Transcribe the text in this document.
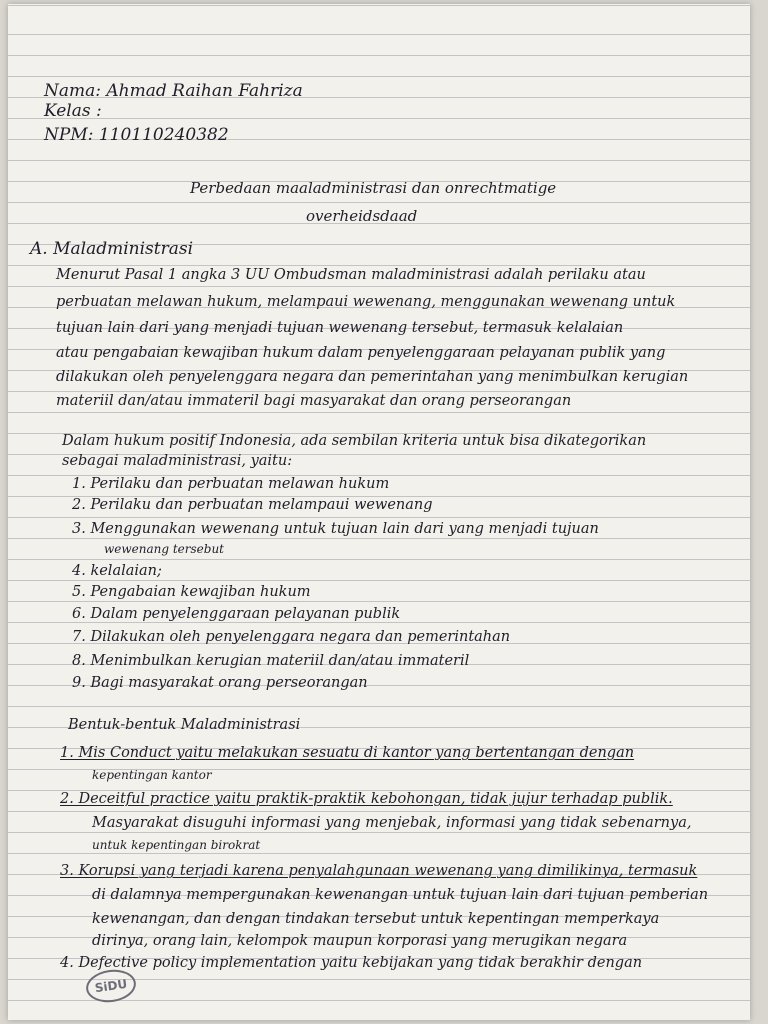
Nama: Ahmad Raihan Fahriza
Kelas :
NPM: 110110240382
Perbedaan maaladministrasi dan onrechtmatige
overheidsdaad
A. Maladministrasi
Menurut Pasal 1 angka 3 UU Ombudsman maladministrasi adalah perilaku atau
perbuatan melawan hukum, melampaui wewenang, menggunakan wewenang untuk
tujuan lain dari yang menjadi tujuan wewenang tersebut, termasuk kelalaian
atau pengabaian kewajiban hukum dalam penyelenggaraan pelayanan publik yang
dilakukan oleh penyelenggara negara dan pemerintahan yang menimbulkan kerugian
materiil dan/atau immateril bagi masyarakat dan orang perseorangan
Dalam hukum positif Indonesia, ada sembilan kriteria untuk bisa dikategorikan
sebagai maladministrasi, yaitu:
1. Perilaku dan perbuatan melawan hukum
2. Perilaku dan perbuatan melampaui wewenang
3. Menggunakan wewenang untuk tujuan lain dari yang menjadi tujuan
wewenang tersebut
4. kelalaian;
5. Pengabaian kewajiban hukum
6. Dalam penyelenggaraan pelayanan publik
7. Dilakukan oleh penyelenggara negara dan pemerintahan
8. Menimbulkan kerugian materiil dan/atau immateril
9. Bagi masyarakat orang perseorangan
Bentuk-bentuk Maladministrasi
1. Mis Conduct yaitu melakukan sesuatu di kantor yang bertentangan dengan
kepentingan kantor
2. Deceitful practice yaitu praktik-praktik kebohongan, tidak jujur terhadap publik.
Masyarakat disuguhi informasi yang menjebak, informasi yang tidak sebenarnya,
untuk kepentingan birokrat
3. Korupsi yang terjadi karena penyalahgunaan wewenang yang dimilikinya, termasuk
di dalamnya mempergunakan kewenangan untuk tujuan lain dari tujuan pemberian
kewenangan, dan dengan tindakan tersebut untuk kepentingan memperkaya
dirinya, orang lain, kelompok maupun korporasi yang merugikan negara
4. Defective policy implementation yaitu kebijakan yang tidak berakhir dengan
SiDU
